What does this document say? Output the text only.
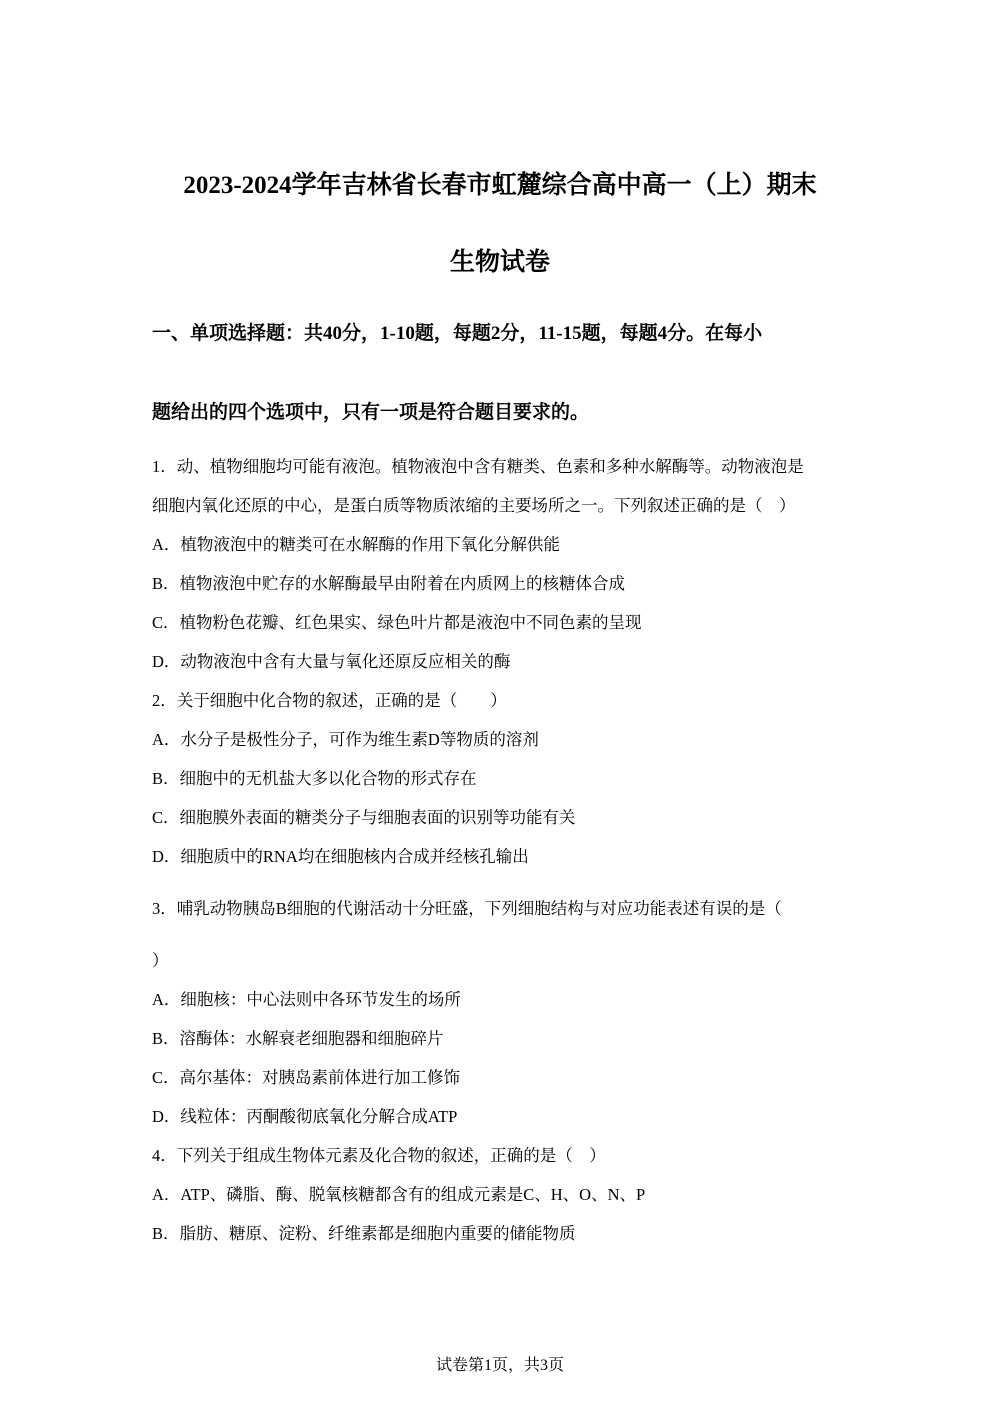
2023-2024学年吉林省长春市虹麓综合高中高一（上）期末
生物试卷
一、单项选择题：共40分，1-10题，每题2分，11-15题，每题4分。在每小
题给出的四个选项中，只有一项是符合题目要求的。
1．动、植物细胞均可能有液泡。植物液泡中含有糖类、色素和多种水解酶等。动物液泡是
细胞内氧化还原的中心，是蛋白质等物质浓缩的主要场所之一。下列叙述正确的是（　）
A．植物液泡中的糖类可在水解酶的作用下氧化分解供能
B．植物液泡中贮存的水解酶最早由附着在内质网上的核糖体合成
C．植物粉色花瓣、红色果实、绿色叶片都是液泡中不同色素的呈现
D．动物液泡中含有大量与氧化还原反应相关的酶
2．关于细胞中化合物的叙述，正确的是（　　）
A．水分子是极性分子，可作为维生素D等物质的溶剂
B．细胞中的无机盐大多以化合物的形式存在
C．细胞膜外表面的糖类分子与细胞表面的识别等功能有关
D．细胞质中的RNA均在细胞核内合成并经核孔输出
3．哺乳动物胰岛B细胞的代谢活动十分旺盛，下列细胞结构与对应功能表述有误的是（
）
A．细胞核：中心法则中各环节发生的场所
B．溶酶体：水解衰老细胞器和细胞碎片
C．高尔基体：对胰岛素前体进行加工修饰
D．线粒体：丙酮酸彻底氧化分解合成ATP
4．下列关于组成生物体元素及化合物的叙述，正确的是（　）
A．ATP、磷脂、酶、脱氧核糖都含有的组成元素是C、H、O、N、P
B．脂肪、糖原、淀粉、纤维素都是细胞内重要的储能物质
试卷第1页，共3页
